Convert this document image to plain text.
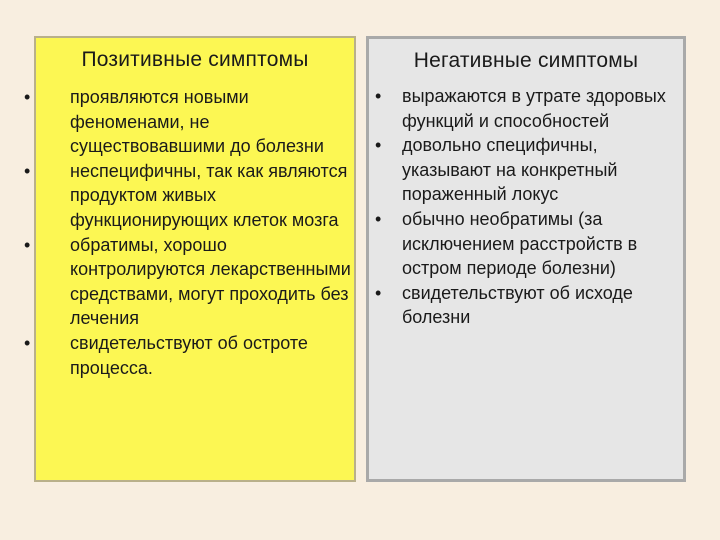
Позитивные симптомы
• проявляются новыми феноменами, не существовавшими до болезни
• неспецифичны, так как являются продуктом живых функционирующих клеток мозга
• обратимы, хорошо контролируются лекарственными средствами, могут проходить без лечения
• свидетельствуют об остроте процесса.
Негативные симптомы
• выражаются в утрате здоровых функций и способностей
• довольно специфичны, указывают на конкретный пораженный локус
• обычно необратимы (за исключением расстройств в остром периоде болезни)
• свидетельствуют об исходе болезни
